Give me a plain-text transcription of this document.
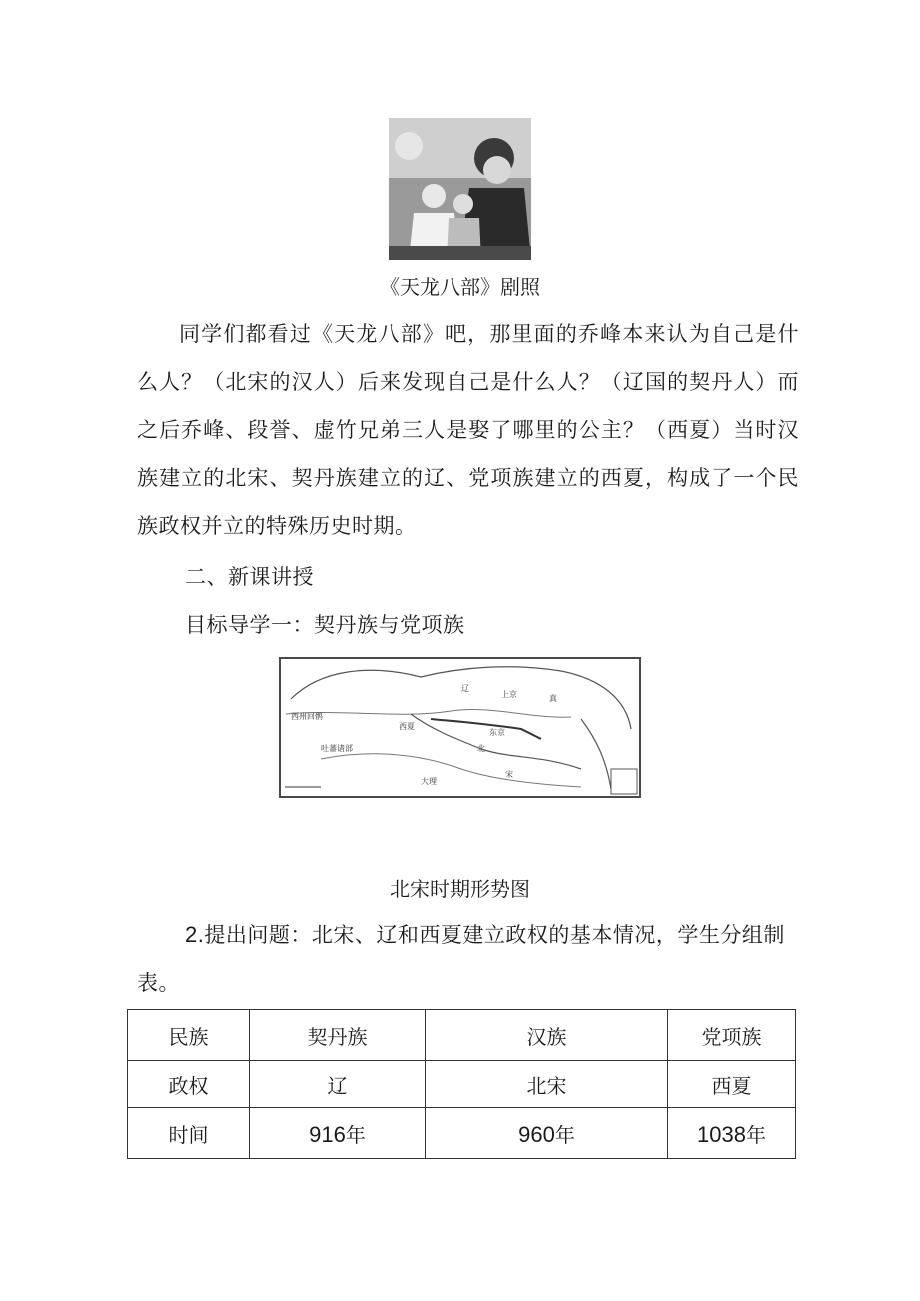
《天龙八部》剧照
同学们都看过《天龙八部》吧，那里面的乔峰本来认为自己是什么人？（北宋的汉人）后来发现自己是什么人？（辽国的契丹人）而之后乔峰、段誉、虚竹兄弟三人是娶了哪里的公主？（西夏）当时汉族建立的北宋、契丹族建立的辽、党项族建立的西夏，构成了一个民族政权并立的特殊历史时期。
二、新课讲授
目标导学一：契丹族与党项族
辽
上京	真
西州回鹘
西夏
吐蕃诸部
东京
北
宋
大理
北宋时期形势图
2.提出问题：北宋、辽和西夏建立政权的基本情况，学生分组制
表。
民族	契丹族	汉族	党项族
政权	辽	北宋	西夏
时间	916年	960年	1038年
